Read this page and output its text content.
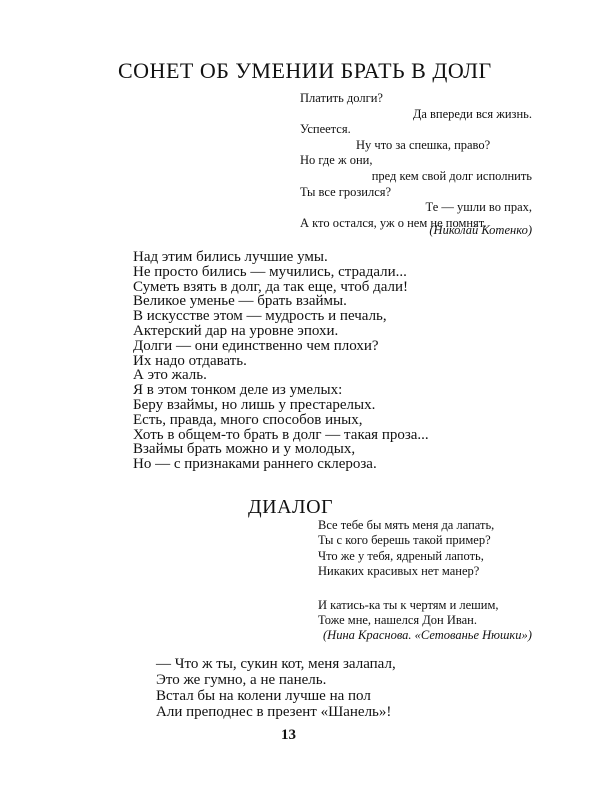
СОНЕТ ОБ УМЕНИИ БРАТЬ В ДОЛГ
Платить долги?
Да впереди вся жизнь.
Успеется.
Ну что за спешка, право?
Но где ж они,
пред кем свой долг исполнить
Ты все грозился?
Те — ушли во прах,
А кто остался, уж о нем не помнят.
(Николай Котенко)
Над этим бились лучшие умы.
Не просто бились — мучились, страдали...
Суметь взять в долг, да так еще, чтоб дали!
Великое уменье — брать взаймы.
В искусстве этом — мудрость и печаль,
Актерский дар на уровне эпохи.
Долги — они единственно чем плохи?
Их надо отдавать.
А это жаль.
Я в этом тонком деле из умелых:
Беру взаймы, но лишь у престарелых.
Есть, правда, много способов иных,
Хоть в общем-то брать в долг — такая проза...
Взаймы брать можно и у молодых,
Но — с признаками раннего склероза.
ДИАЛОГ
Все тебе бы мять меня да лапать,
Ты с кого берешь такой пример?
Что же у тебя, ядреный лапоть,
Никаких красивых нет манер?
И катись-ка ты к чертям и лешим,
Тоже мне, нашелся Дон Иван.
(Нина Краснова. «Сетованье Нюшки»)
— Что ж ты, сукин кот, меня залапал,
Это же гумно, а не панель.
Встал бы на колени лучше на пол
Али преподнес в презент «Шанель»!
13
